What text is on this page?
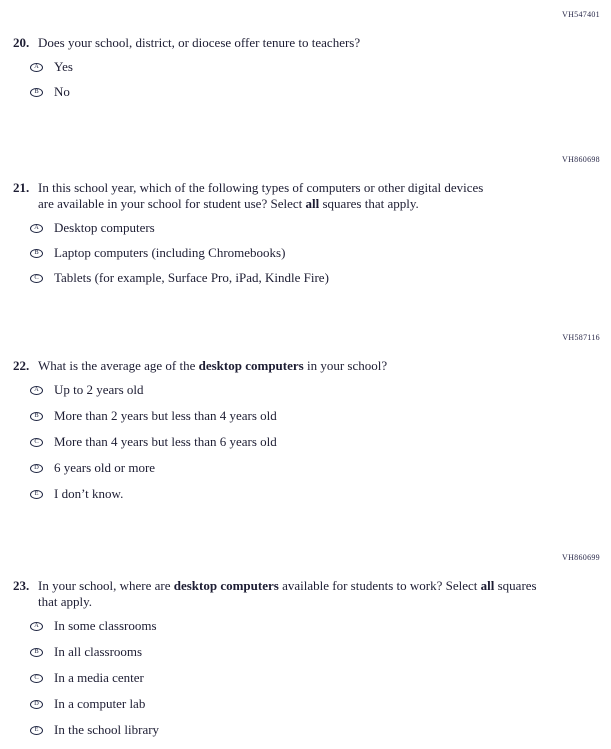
VH547401
20. Does your school, district, or diocese offer tenure to teachers?
A	Yes
B	No
VH860698
21. In this school year, which of the following types of computers or other digital devices are available in your school for student use? Select all squares that apply.
A	Desktop computers
B	Laptop computers (including Chromebooks)
C	Tablets (for example, Surface Pro, iPad, Kindle Fire)
VH587116
22. What is the average age of the desktop computers in your school?
A	Up to 2 years old
B	More than 2 years but less than 4 years old
C	More than 4 years but less than 6 years old
D	6 years old or more
E	I don’t know.
VH860699
23. In your school, where are desktop computers available for students to work? Select all squares that apply.
A	In some classrooms
B	In all classrooms
C	In a media center
D	In a computer lab
E	In the school library
